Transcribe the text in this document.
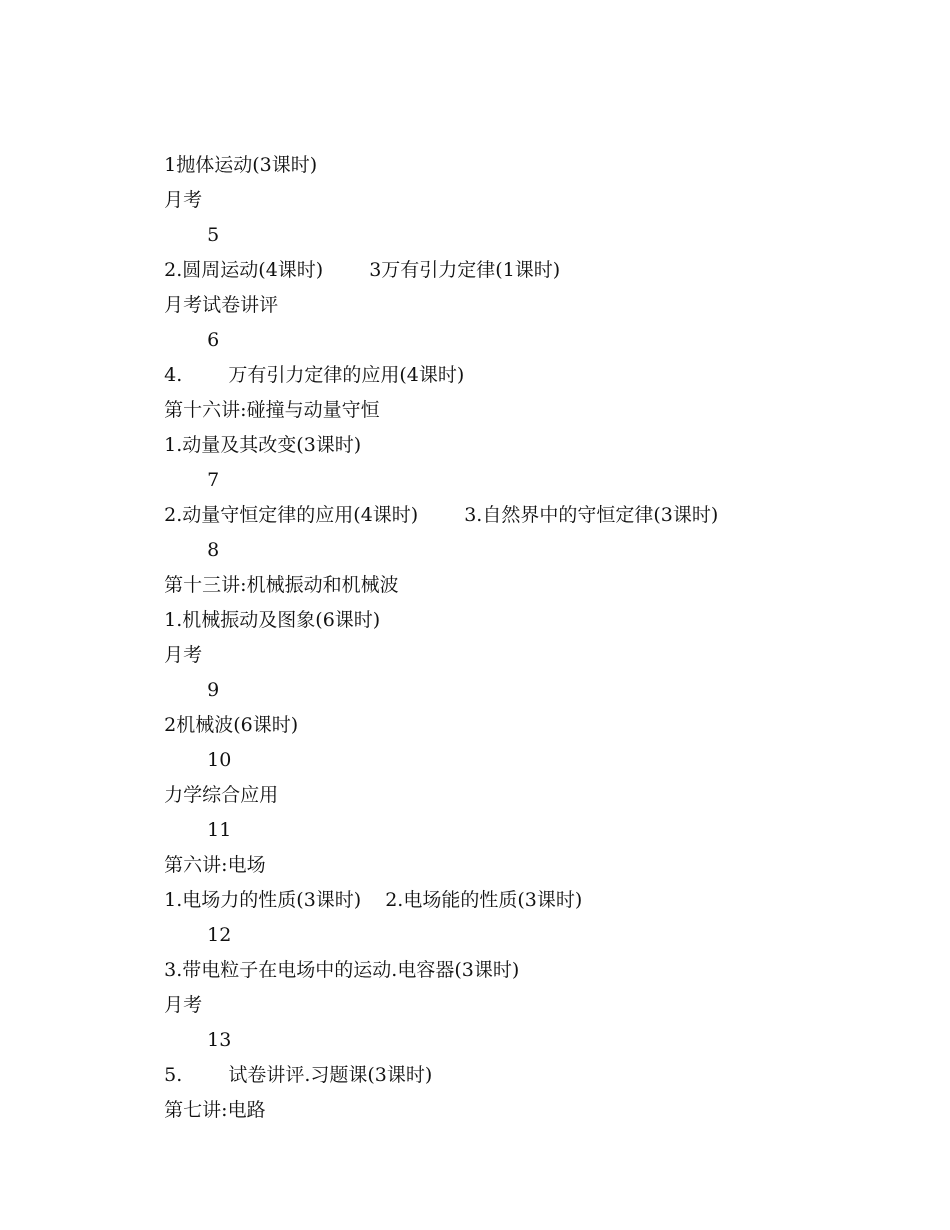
1抛体运动(3课时)

月考

5

2.圆周运动(4课时) 3万有引力定律(1课时)

月考试卷讲评

6

4. 万有引力定律的应用(4课时)

第十六讲:碰撞与动量守恒

1.动量及其改变(3课时)

7

2.动量守恒定律的应用(4课时) 3.自然界中的守恒定律(3课时)

8

第十三讲:机械振动和机械波

1.机械振动及图象(6课时)

月考

9

2机械波(6课时)

10

力学综合应用

11

第六讲:电场

1.电场力的性质(3课时) 2.电场能的性质(3课时)

12

3.带电粒子在电场中的运动.电容器(3课时)

月考

13

5. 试卷讲评.习题课(3课时)

第七讲:电路
